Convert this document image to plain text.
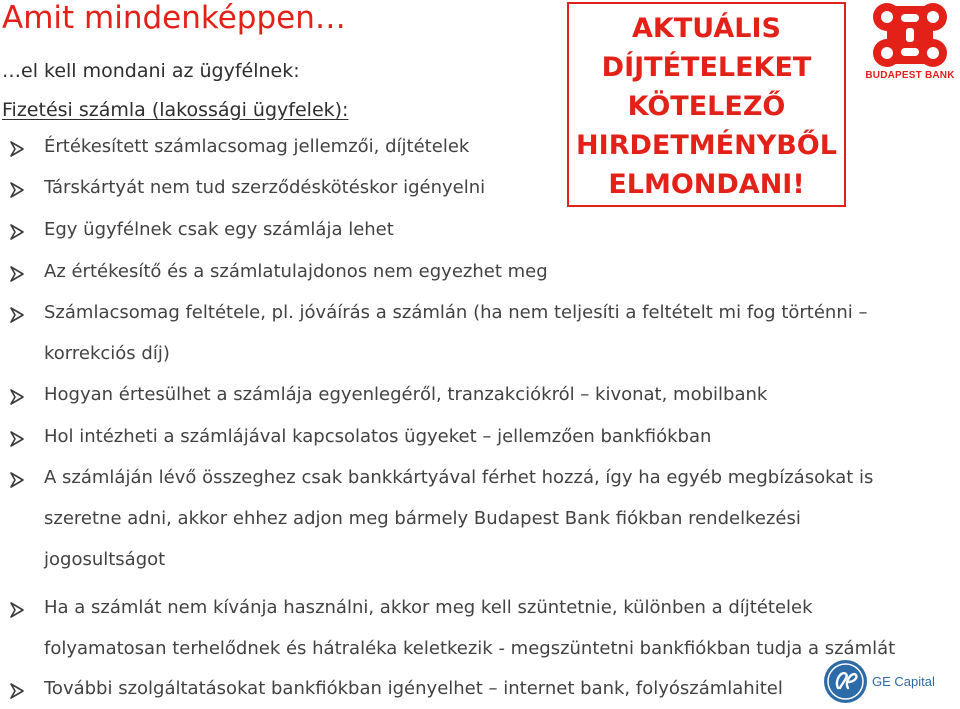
Amit mindenképpen…
…el kell mondani az ügyfélnek:
Fizetési számla (lakossági ügyfelek):
AKTUÁLIS
DÍJTÉTELEKET
KÖTELEZŐ
HIRDETMÉNYBŐL
ELMONDANI!
BUDAPEST BANK
Értékesített számlacsomag jellemzői, díjtételek
Társkártyát nem tud szerződéskötéskor igényelni
Egy ügyfélnek csak egy számlája lehet
Az értékesítő és a számlatulajdonos nem egyezhet meg
Számlacsomag feltétele, pl. jóváírás a számlán (ha nem teljesíti a feltételt mi fog történni –
korrekciós díj)
Hogyan értesülhet a számlája egyenlegéről, tranzakciókról – kivonat, mobilbank
Hol intézheti a számlájával kapcsolatos ügyeket – jellemzően bankfiókban
A számláján lévő összeghez csak bankkártyával férhet hozzá, így ha egyéb megbízásokat is
szeretne adni, akkor ehhez adjon meg bármely Budapest Bank fiókban rendelkezési
jogosultságot
Ha a számlát nem kívánja használni, akkor meg kell szüntetnie, különben a díjtételek
folyamatosan terhelődnek és hátraléka keletkezik - megszüntetni bankfiókban tudja a számlát
További szolgáltatásokat bankfiókban igényelhet – internet bank, folyószámlahitel	GE Capital
